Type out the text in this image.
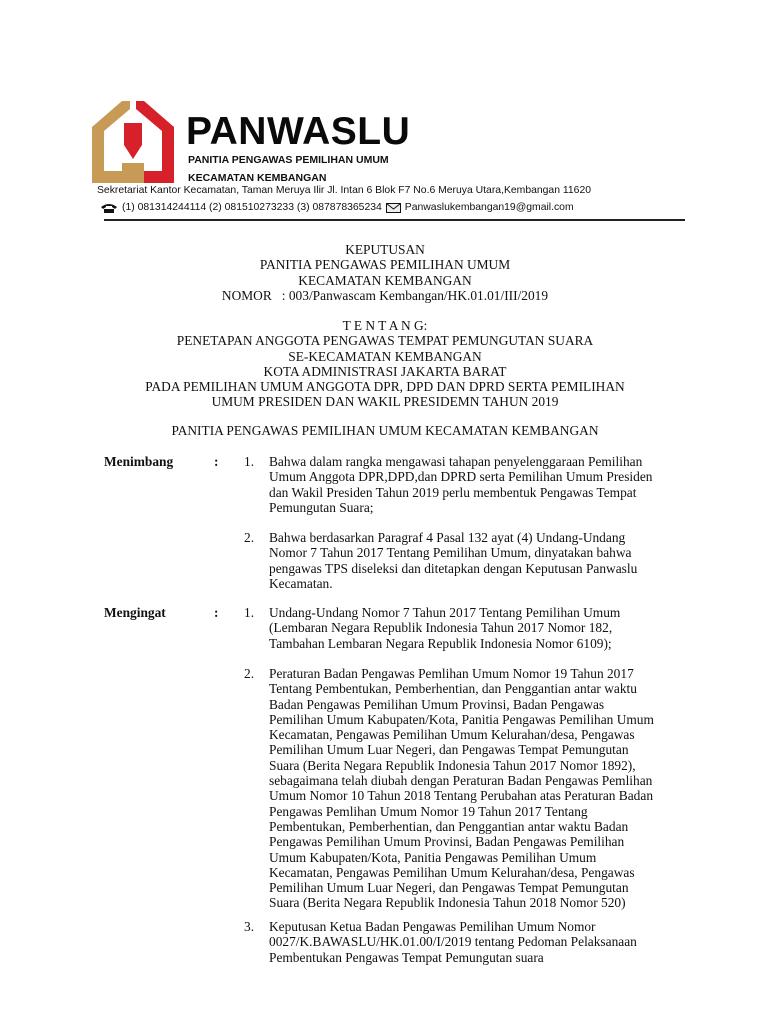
PANWASLU
PANITIA PENGAWAS PEMILIHAN UMUM
KECAMATAN KEMBANGAN
Sekretariat Kantor Kecamatan, Taman Meruya Ilir Jl. Intan 6 Blok F7 No.6 Meruya Utara,Kembangan 11620
(1) 081314244114 (2) 081510273233 (3) 087878365234 Panwaslukembangan19@gmail.com
KEPUTUSAN
PANITIA PENGAWAS PEMILIHAN UMUM
KECAMATAN KEMBANGAN
NOMOR   : 003/Panwascam Kembangan/HK.01.01/III/2019
T E N T A N G:
PENETAPAN ANGGOTA PENGAWAS TEMPAT PEMUNGUTAN SUARA
SE-KECAMATAN KEMBANGAN
KOTA ADMINISTRASI JAKARTA BARAT
PADA PEMILIHAN UMUM ANGGOTA DPR, DPD DAN DPRD SERTA PEMILIHAN
UMUM PRESIDEN DAN WAKIL PRESIDEMN TAHUN 2019
PANITIA PENGAWAS PEMILIHAN UMUM KECAMATAN KEMBANGAN
Menimbang	: 1. Bahwa dalam rangka mengawasi tahapan penyelenggaraan Pemilihan
Umum Anggota DPR,DPD,dan DPRD serta Pemilihan Umum Presiden
dan Wakil Presiden Tahun 2019 perlu membentuk Pengawas Tempat
Pemungutan Suara;
2. Bahwa berdasarkan Paragraf 4 Pasal 132 ayat (4) Undang-Undang
Nomor 7 Tahun 2017 Tentang Pemilihan Umum, dinyatakan bahwa
pengawas TPS diseleksi dan ditetapkan dengan Keputusan Panwaslu
Kecamatan.
Mengingat	: 1. Undang-Undang Nomor 7 Tahun 2017 Tentang Pemilihan Umum
(Lembaran Negara Republik Indonesia Tahun 2017 Nomor 182,
Tambahan Lembaran Negara Republik Indonesia Nomor 6109);
2. Peraturan Badan Pengawas Pemlihan Umum Nomor 19 Tahun 2017
Tentang Pembentukan, Pemberhentian, dan Penggantian antar waktu
Badan Pengawas Pemilihan Umum Provinsi, Badan Pengawas
Pemilihan Umum Kabupaten/Kota, Panitia Pengawas Pemilihan Umum
Kecamatan, Pengawas Pemilihan Umum Kelurahan/desa, Pengawas
Pemilihan Umum Luar Negeri, dan Pengawas Tempat Pemungutan
Suara (Berita Negara Republik Indonesia Tahun 2017 Nomor 1892),
sebagaimana telah diubah dengan Peraturan Badan Pengawas Pemlihan
Umum Nomor 10 Tahun 2018 Tentang Perubahan atas Peraturan Badan
Pengawas Pemlihan Umum Nomor 19 Tahun 2017 Tentang
Pembentukan, Pemberhentian, dan Penggantian antar waktu Badan
Pengawas Pemilihan Umum Provinsi, Badan Pengawas Pemilihan
Umum Kabupaten/Kota, Panitia Pengawas Pemilihan Umum
Kecamatan, Pengawas Pemilihan Umum Kelurahan/desa, Pengawas
Pemilihan Umum Luar Negeri, dan Pengawas Tempat Pemungutan
Suara (Berita Negara Republik Indonesia Tahun 2018 Nomor 520)
3. Keputusan Ketua Badan Pengawas Pemilihan Umum Nomor
0027/K.BAWASLU/HK.01.00/I/2019 tentang Pedoman Pelaksanaan
Pembentukan Pengawas Tempat Pemungutan suara
